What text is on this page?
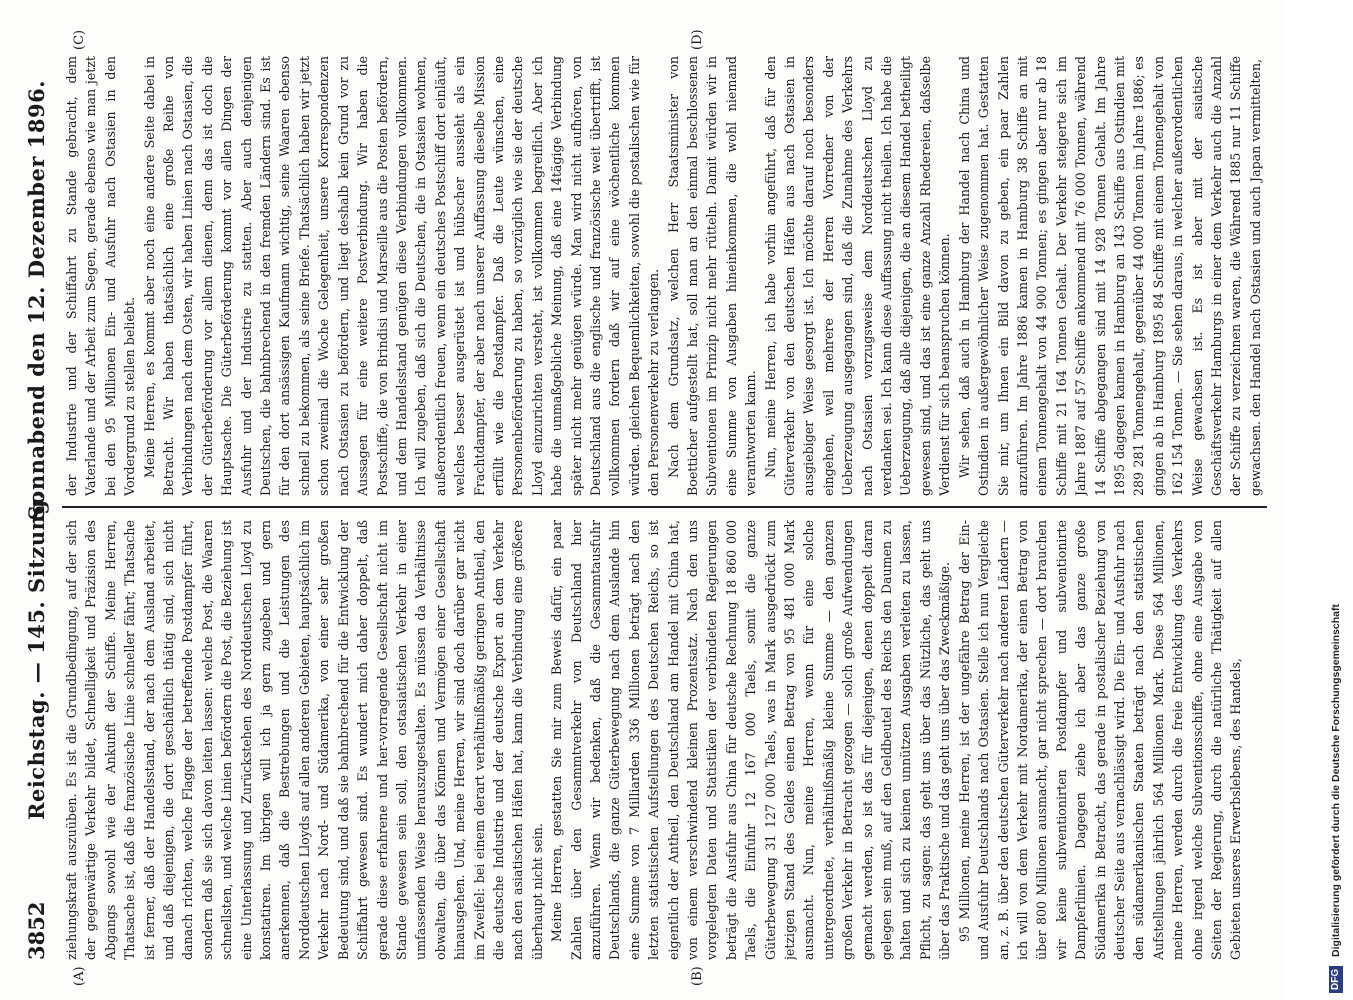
3852
Reichstag. — 145. Sitzung.
Sonnabend den 12. Dezember 1896.
(A)	(B)
(C)	(D)

ziehungskraft auszuüben. Es ist die Grundbedingung, auf der sich der gegenwärtige Verkehr bildet, Schnelligkeit und Präzision des Abgangs sowohl wie der Ankunft der Schiffe. Meine Herren, Thatsache ist, daß die französische Linie schneller fährt; Thatsache ist ferner, daß der Handelsstand, der nach dem Ausland arbeitet, und daß diejenigen, die dort geschäftlich thätig sind, sich nicht danach richten, welche Flagge der betreffende Postdampfer führt, sondern daß sie sich davon leiten lassen: welche Post, die Waaren schnellsten, und welche Linien befördern die Post, die Beziehung ist eine Unterlassung und Zurückstehen des Norddeutschen Lloyd zu konstatiren. Im übrigen will ich ja gern zugeben und gern anerkennen, daß die Bestrebungen und die Leistungen des Norddeutschen Lloyds auf allen anderen Gebieten, hauptsächlich im Verkehr nach Nord- und Südamerika, von einer sehr großen Bedeutung sind, und daß sie bahnbrechend für die Entwicklung der Schiffahrt gewesen sind. Es wundert mich daher doppelt, daß gerade diese erfahrene und her-vorragende Gesellschaft nicht im Stande gewesen sein soll, den ostasiatischen Verkehr in einer umfassenden Weise herauszugestalten. Es müssen da Verhältnisse obwalten, die über das Können und Vermögen einer Gesellschaft hinausgehen. Und, meine Herren, wir sind doch darüber gar nicht im Zweifel: bei einem derart verhältnißmäßig geringen Antheil, den die deutsche Industrie und der deutsche Export an dem Verkehr nach den asiatischen Häfen hat, kann die Verbindung eine größere überhaupt nicht sein. Meine Herren, gestatten Sie mir zum Beweis dafür, ein paar Zahlen über den Gesammtverkehr von Deutschland hier anzuführen. Wenn wir bedenken, daß die Gesammtausfuhr Deutschlands, die ganze Güterbewegung nach dem Auslande hin eine Summe von 7 Milliarden 336 Millionen beträgt nach den letzten statistischen Aufstellungen des Deutschen Reichs, so ist eigentlich der Antheil, den Deutschland am Handel mit China hat, von einem verschwindend kleinen Prozentsatz. Nach den uns vorgelegten Daten und Statistiken der verbündeten Regierungen beträgt die Ausfuhr aus China für deutsche Rechnung 18 860 000 Taels, die Einfuhr 12 167 000 Taels, somit die ganze Güterbewegung 31 127 000 Taels, was in Mark ausgedrückt zum jetzigen Stand des Geldes einen Betrag von 95 481 000 Mark ausmacht. Nun, meine Herren, wenn für eine solche untergeordnete, verhältnißmäßig kleine Summe — den ganzen großen Verkehr in Betracht gezogen — solch große Aufwendungen gemacht werden, so ist das für diejenigen, denen doppelt daran gelegen sein muß, auf den Geldbeutel des Reichs den Daumen zu halten und sich zu keinen unnützen Ausgaben verleiten zu lassen, Pflicht, zu sagen: das geht uns über das Nützliche, das geht uns über das Praktische und das geht uns über das Zweckmäßige. 95 Millionen, meine Herren, ist der ungefähre Betrag der Ein- und Ausfuhr Deutschlands nach Ostasien. Stelle ich nun Vergleiche an, z. B. über den deutschen Güterverkehr nach anderen Ländern — ich will von dem Verkehr mit Nordamerika, der einen Betrag von über 800 Millionen ausmacht, gar nicht sprechen — dort brauchen wir keine subventionirten Postdampfer und subventionirte Dampferlinien. Dagegen ziehe ich aber das ganze große Südamerika in Betracht, das gerade in postalischer Beziehung von deutscher Seite aus vernachlässigt wird. Die Ein- und Ausfuhr nach den südamerikanischen Staaten beträgt nach den statistischen Aufstellungen jährlich 564 Millionen Mark. Diese 564 Millionen, meine Herren, werden durch die freie Entwicklung des Verkehrs ohne irgend welche Subventionsschiffe, ohne eine Ausgabe von Seiten der Regierung, durch die natürliche Thätigkeit auf allen Gebieten unseres Erwerbslebens, des Handels,

der Industrie und der Schiffahrt zu Stande gebracht, dem Vaterlande und der Arbeit zum Segen, gerade ebenso wie man jetzt bei den 95 Millionen Ein- und Ausfuhr nach Ostasien in den Vordergrund zu stellen beliebt. Meine Herren, es kommt aber noch eine andere Seite dabei in Betracht. Wir haben thatsächlich eine große Reihe von Verbindungen nach dem Osten, wir haben Linien nach Ostasien, die der Güterbeförderung vor allem dienen, denn das ist doch die Hauptsache. Die Güterbeförderung kommt vor allen Dingen der Ausfuhr und der Industrie zu statten. Aber auch denjenigen Deutschen, die bahnbrechend in den fremden Ländern sind. Es ist für den dort ansässigen Kaufmann wichtig, seine Waaren ebenso schnell zu bekommen, als seine Briefe. Thatsächlich haben wir jetzt schon zweimal die Woche Gelegenheit, unsere Korrespondenzen nach Ostasien zu befördern, und liegt deshalb kein Grund vor zu Aussagen für eine weitere Postverbindung. Wir haben die Postschiffe, die von Brindisi und Marseille aus die Posten befördern, und dem Handelsstand genügen diese Verbindungen vollkommen. Ich will zugeben, daß sich die Deutschen, die in Ostasien wohnen, außerordentlich freuen, wenn ein deutsches Postschiff dort einläuft, welches besser ausgerüstet ist und hübscher aussieht als ein Frachtdampfer, der aber nach unserer Auffassung dieselbe Mission erfüllt wie die Postdampfer. Daß die Leute wünschen, eine Personenbeförderung zu haben, so vorzüglich wie sie der deutsche Lloyd einzurichten versteht, ist vollkommen begreiflich. Aber ich habe die unmaßgebliche Meinung, daß eine 14tägige Verbindung später nicht mehr genügen würde. Man wird nicht aufhören, von Deutschland aus die englische und französische weit übertrifft, ist vollkommen fordern daß wir auf eine wöchentliche kommen würden. gleichen Bequemlichkeiten, sowohl die postalischen wie für den Personenverkehr zu verlangen. Nach dem Grundsatz, welchen Herr Staatsminister von Boetticher aufgestellt hat, soll man an den einmal beschlossenen Subventionen im Prinzip nicht mehr rütteln. Damit würden wir in eine Summe von Ausgaben hineinkommen, die wohl niemand verantworten kann. Nun, meine Herren, ich habe vorhin angeführt, daß für den Güterverkehr von den deutschen Häfen aus nach Ostasien in ausgiebiger Weise gesorgt ist. Ich möchte darauf noch besonders eingehen, weil mehrere der Herren Vorredner von der Ueberzeugung ausgegangen sind, daß die Zunahme des Verkehrs nach Ostasien vorzugsweise dem Norddeutschen Lloyd zu verdanken sei. Ich kann diese Auffassung nicht theilen. Ich habe die Ueberzeugung, daß alle diejenigen, die an diesem Handel betheiligt gewesen sind, und das ist eine ganze Anzahl Rhedereien, daßselbe Verdienst für sich beanspruchen können. Wir sehen, daß auch in Hamburg der Handel nach China und Ostindien in außergewöhnlicher Weise zugenommen hat. Gestatten Sie mir, um Ihnen ein Bild davon zu geben, ein paar Zahlen anzuführen. Im Jahre 1886 kamen in Hamburg 38 Schiffe an mit einem Tonnengehalt von 44 900 Tonnen; es gingen aber nur ab 18 Schiffe mit 21 164 Tonnen Gehalt. Der Verkehr steigerte sich im Jahre 1887 auf 57 Schiffe ankommend mit 76 000 Tonnen, während 14 Schiffe abgegangen sind mit 14 928 Tonnen Gehalt. Im Jahre 1895 dagegen kamen in Hamburg an 143 Schiffe aus Ostindien mit 289 281 Tonnengehalt, gegenüber 44 000 Tonnen im Jahre 1886; es gingen ab in Hamburg 1895 84 Schiffe mit einem Tonnengehalt von 162 154 Tonnen. — Sie sehen daraus, in welcher außerordentlichen Weise gewachsen ist. Es ist aber mit der asiatische Geschäftsverkehr Hamburgs in einer dem Verkehr auch die Anzahl der Schiffe zu verzeichnen waren, die Während 1885 nur 11 Schiffe gewachsen. den Handel nach Ostasien und auch Japan vermittelten,

DFG Digitalisierung gefördert durch die Deutsche Forschungsgemeinschaft
